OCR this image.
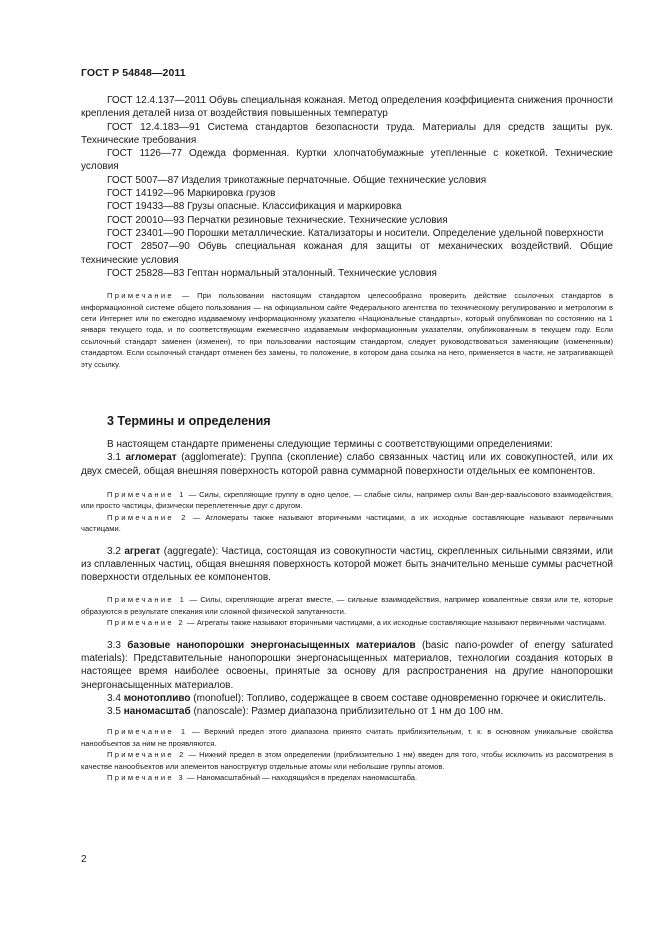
ГОСТ Р 54848—2011

ГОСТ 12.4.137—2011 Обувь специальная кожаная. Метод определения коэффициента снижения прочности крепления деталей низа от воздействия повышенных температур

ГОСТ 12.4.183—91 Система стандартов безопасности труда. Материалы для средств защиты рук. Технические требования

ГОСТ 1126—77 Одежда форменная. Куртки хлопчатобумажные утепленные с кокеткой. Технические условия

ГОСТ 5007—87 Изделия трикотажные перчаточные. Общие технические условия

ГОСТ 14192—96 Маркировка грузов

ГОСТ 19433—88 Грузы опасные. Классификация и маркировка

ГОСТ 20010—93 Перчатки резиновые технические. Технические условия

ГОСТ 23401—90 Порошки металлические. Катализаторы и носители. Определение удельной поверхности

ГОСТ 28507—90 Обувь специальная кожаная для защиты от механических воздействий. Общие технические условия

ГОСТ 25828—83 Гептан нормальный эталонный. Технические условия

Примечание — При пользовании настоящим стандартом целесообразно проверить действие ссылочных стандартов в информационной системе общего пользования — на официальном сайте Федерального агентства по техническому регулированию и метрологии в сети Интернет или по ежегодно издаваемому информационному указателю «Национальные стандарты», который опубликован по состоянию на 1 января текущего года, и по соответствующим ежемесячно издаваемым информационным указателям, опубликованным в текущем году. Если ссылочный стандарт заменен (изменен), то при пользовании настоящим стандартом, следует руководствоваться заменяющим (измененным) стандартом. Если ссылочный стандарт отменен без замены, то положение, в котором дана ссылка на него, применяется в части, не затрагивающей эту ссылку.

3 Термины и определения

В настоящем стандарте применены следующие термины с соответствующими определениями:

3.1 агломерат (agglomerate): Группа (скопление) слабо связанных частиц или их совокупностей, или их двух смесей, общая внешняя поверхность которой равна суммарной поверхности отдельных ее компонентов.

Примечание 1 — Силы, скрепляющие группу в одно целое, — слабые силы, например силы Ван-дер-ваальсового взаимодействия, или просто частицы, физически переплетенные друг с другом.

Примечание 2 — Агломераты также называют вторичными частицами, а их исходные составляющие называют первичными частицами.

3.2 агрегат (aggregate): Частица, состоящая из совокупности частиц, скрепленных сильными связями, или из сплавленных частиц, общая внешняя поверхность которой может быть значительно меньше суммы расчетной поверхности отдельных ее компонентов.

Примечание 1 — Силы, скрепляющие агрегат вместе, — сильные взаимодействия, например ковалентные связи или те, которые образуются в результате спекания или сложной физической запутанности.

Примечание 2 — Агрегаты также называют вторичными частицами, а их исходные составляющие называют первичными частицами.

3.3 базовые нанопорошки энергонасыщенных материалов (basic nano-powder of energy saturated materials): Представительные нанопорошки энергонасыщенных материалов, технологии создания которых в настоящее время наиболее освоены, принятые за основу для распространения на другие нанопорошки энергонасыщенных материалов.

3.4 монотопливо (monofuel): Топливо, содержащее в своем составе одновременно горючее и окислитель.

3.5 наномасштаб (nanoscale): Размер диапазона приблизительно от 1 нм до 100 нм.

Примечание 1 — Верхний предел этого диапазона принято считать приблизительным, т. к. в основном уникальные свойства нанообъектов за ним не проявляются.

Примечание 2 — Нижний предел в этом определении (приблизительно 1 нм) введен для того, чтобы исключить из рассмотрения в качестве нанообъектов или элементов наноструктур отдельные атомы или небольшие группы атомов.

Примечание 3 — Наномасштабный — находящийся в пределах наномасштаба.

2
